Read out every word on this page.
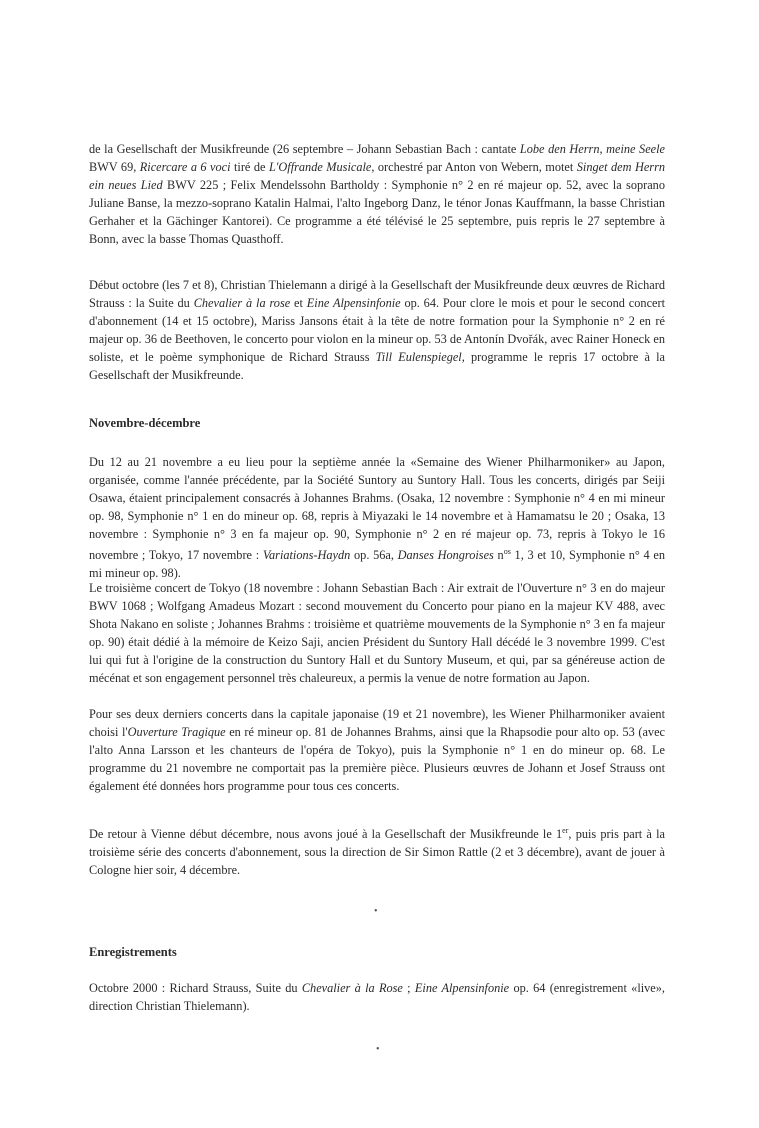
de la Gesellschaft der Musikfreunde (26 septembre – Johann Sebastian Bach : cantate Lobe den Herrn, meine Seele BWV 69, Ricercare a 6 voci tiré de L'Offrande Musicale, orchestré par Anton von Webern, motet Singet dem Herrn ein neues Lied BWV 225 ; Felix Mendelssohn Bartholdy : Symphonie n° 2 en ré majeur op. 52, avec la soprano Juliane Banse, la mezzo-soprano Katalin Halmai, l'alto Ingeborg Danz, le ténor Jonas Kauffmann, la basse Christian Gerhaher et la Gächinger Kantorei). Ce programme a été télévisé le 25 septembre, puis repris le 27 septembre à Bonn, avec la basse Thomas Quasthoff.

Début octobre (les 7 et 8), Christian Thielemann a dirigé à la Gesellschaft der Musikfreunde deux œuvres de Richard Strauss : la Suite du Chevalier à la rose et Eine Alpensinfonie op. 64. Pour clore le mois et pour le second concert d'abonnement (14 et 15 octobre), Mariss Jansons était à la tête de notre formation pour la Symphonie n° 2 en ré majeur op. 36 de Beethoven, le concerto pour violon en la mineur op. 53 de Antonín Dvořák, avec Rainer Honeck en soliste, et le poème symphonique de Richard Strauss Till Eulenspiegel, programme le repris 17 octobre à la Gesellschaft der Musikfreunde.

Novembre-décembre

Du 12 au 21 novembre a eu lieu pour la septième année la «Semaine des Wiener Philharmoniker» au Japon, organisée, comme l'année précédente, par la Société Suntory au Suntory Hall. Tous les concerts, dirigés par Seiji Osawa, étaient principalement consacrés à Johannes Brahms. (Osaka, 12 novembre : Symphonie n° 4 en mi mineur op. 98, Symphonie n° 1 en do mineur op. 68, repris à Miyazaki le 14 novembre et à Hamamatsu le 20 ; Osaka, 13 novembre : Symphonie n° 3 en fa majeur op. 90, Symphonie n° 2 en ré majeur op. 73, repris à Tokyo le 16 novembre ; Tokyo, 17 novembre : Variations-Haydn op. 56a, Danses Hongroises $n^{os}$ 1, 3 et 10, Symphonie n° 4 en mi mineur op. 98).

Le troisième concert de Tokyo (18 novembre : Johann Sebastian Bach : Air extrait de l'Ouverture n° 3 en do majeur BWV 1068 ; Wolfgang Amadeus Mozart : second mouvement du Concerto pour piano en la majeur KV 488, avec Shota Nakano en soliste ; Johannes Brahms : troisième et quatrième mouvements de la Symphonie n° 3 en fa majeur op. 90) était dédié à la mémoire de Keizo Saji, ancien Président du Suntory Hall décédé le 3 novembre 1999. C'est lui qui fut à l'origine de la construction du Suntory Hall et du Suntory Museum, et qui, par sa généreuse action de mécénat et son engagement personnel très chaleureux, a permis la venue de notre formation au Japon.

Pour ses deux derniers concerts dans la capitale japonaise (19 et 21 novembre), les Wiener Philharmoniker avaient choisi l'Ouverture Tragique en ré mineur op. 81 de Johannes Brahms, ainsi que la Rhapsodie pour alto op. 53 (avec l'alto Anna Larsson et les chanteurs de l'opéra de Tokyo), puis la Symphonie n° 1 en do mineur op. 68. Le programme du 21 novembre ne comportait pas la première pièce. Plusieurs œuvres de Johann et Josef Strauss ont également été données hors programme pour tous ces concerts.

De retour à Vienne début décembre, nous avons joué à la Gesellschaft der Musikfreunde le 1er, puis pris part à la troisième série des concerts d'abonnement, sous la direction de Sir Simon Rattle (2 et 3 décembre), avant de jouer à Cologne hier soir, 4 décembre.

•
Enregistrements

Octobre 2000 : Richard Strauss, Suite du Chevalier à la Rose ; Eine Alpensinfonie op. 64 (enregistrement «live», direction Christian Thielemann).

•
